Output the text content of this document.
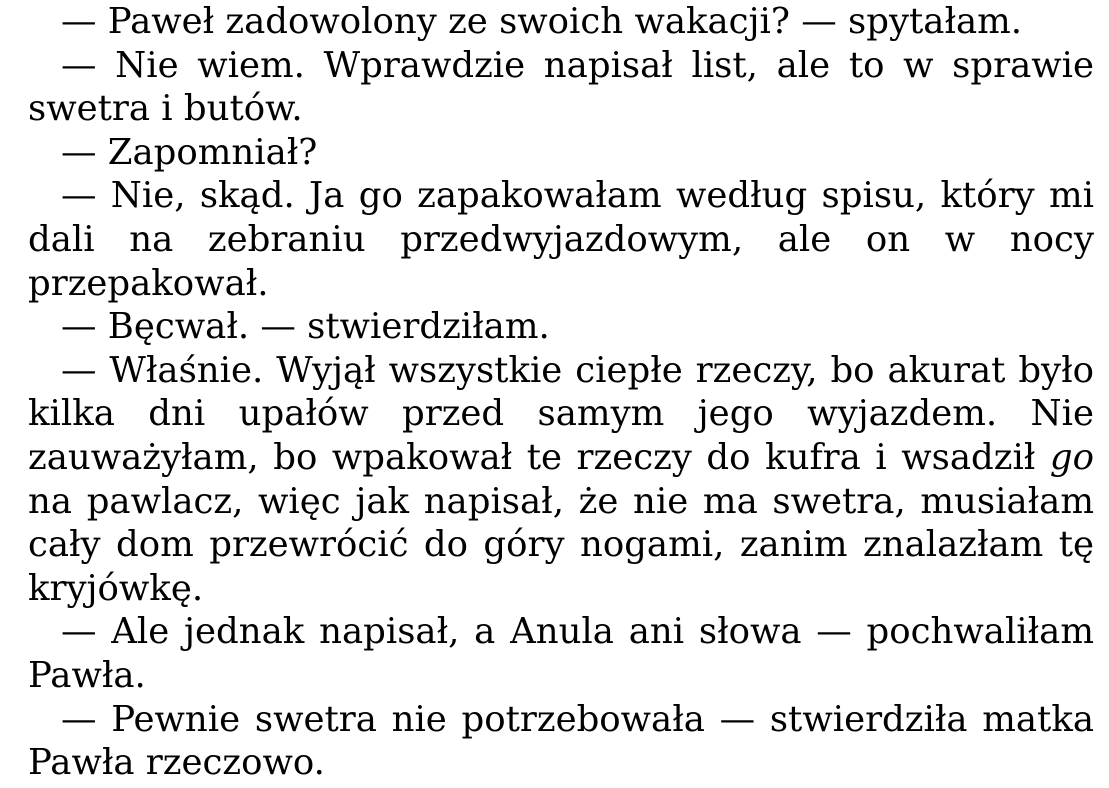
— Paweł zadowolony ze swoich wakacji? — spytałam.

— Nie wiem. Wprawdzie napisał list, ale to w sprawie swetra i butów.

— Zapomniał?

— Nie, skąd. Ja go zapakowałam według spisu, który mi dali na zebraniu przedwyjazdowym, ale on w nocy przepakował.

— Bęcwał. — stwierdziłam.

— Właśnie. Wyjął wszystkie ciepłe rzeczy, bo akurat było kilka dni upałów przed samym jego wyjazdem. Nie zauważyłam, bo wpakował te rzeczy do kufra i wsadził go na pawlacz, więc jak napisał, że nie ma swetra, musiałam cały dom przewrócić do góry nogami, zanim znalazłam tę kryjówkę.

— Ale jednak napisał, a Anula ani słowa — pochwaliłam Pawła.

— Pewnie swetra nie potrzebowała — stwierdziła matka Pawła rzeczowo.
